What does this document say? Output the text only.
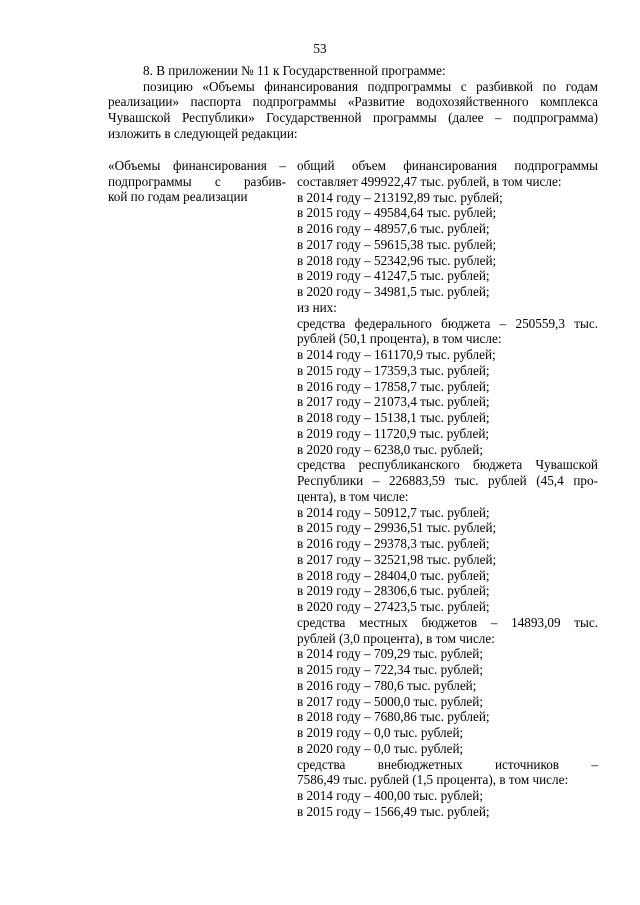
53
8. В приложении № 11 к Государственной программе:
позицию «Объемы финансирования подпрограммы с разбивкой по годам
реализации» паспорта подпрограммы «Развитие водохозяйственного комплекса
Чувашской Республики» Государственной программы (далее – подпрограмма)
изложить в следующей редакции:
«Объемы финансирования –
подпрограммы с разбив-
кой по годам реализации
общий объем финансирования подпрограммы
составляет 499922,47 тыс. рублей, в том числе:
в 2014 году – 213192,89 тыс. рублей;
в 2015 году – 49584,64 тыс. рублей;
в 2016 году – 48957,6 тыс. рублей;
в 2017 году – 59615,38 тыс. рублей;
в 2018 году – 52342,96 тыс. рублей;
в 2019 году – 41247,5 тыс. рублей;
в 2020 году – 34981,5 тыс. рублей;
из них:
средства федерального бюджета – 250559,3 тыс.
рублей (50,1 процента), в том числе:
в 2014 году – 161170,9 тыс. рублей;
в 2015 году – 17359,3 тыс. рублей;
в 2016 году – 17858,7 тыс. рублей;
в 2017 году – 21073,4 тыс. рублей;
в 2018 году – 15138,1 тыс. рублей;
в 2019 году – 11720,9 тыс. рублей;
в 2020 году – 6238,0 тыс. рублей;
средства республиканского бюджета Чувашской
Республики – 226883,59 тыс. рублей (45,4 про-
цента), в том числе:
в 2014 году – 50912,7 тыс. рублей;
в 2015 году – 29936,51 тыс. рублей;
в 2016 году – 29378,3 тыс. рублей;
в 2017 году – 32521,98 тыс. рублей;
в 2018 году – 28404,0 тыс. рублей;
в 2019 году – 28306,6 тыс. рублей;
в 2020 году – 27423,5 тыс. рублей;
средства местных бюджетов – 14893,09 тыс.
рублей (3,0 процента), в том числе:
в 2014 году – 709,29 тыс. рублей;
в 2015 году – 722,34 тыс. рублей;
в 2016 году – 780,6 тыс. рублей;
в 2017 году – 5000,0 тыс. рублей;
в 2018 году – 7680,86 тыс. рублей;
в 2019 году – 0,0 тыс. рублей;
в 2020 году – 0,0 тыс. рублей;
средства внебюджетных источников –
7586,49 тыс. рублей (1,5 процента), в том числе:
в 2014 году – 400,00 тыс. рублей;
в 2015 году – 1566,49 тыс. рублей;
